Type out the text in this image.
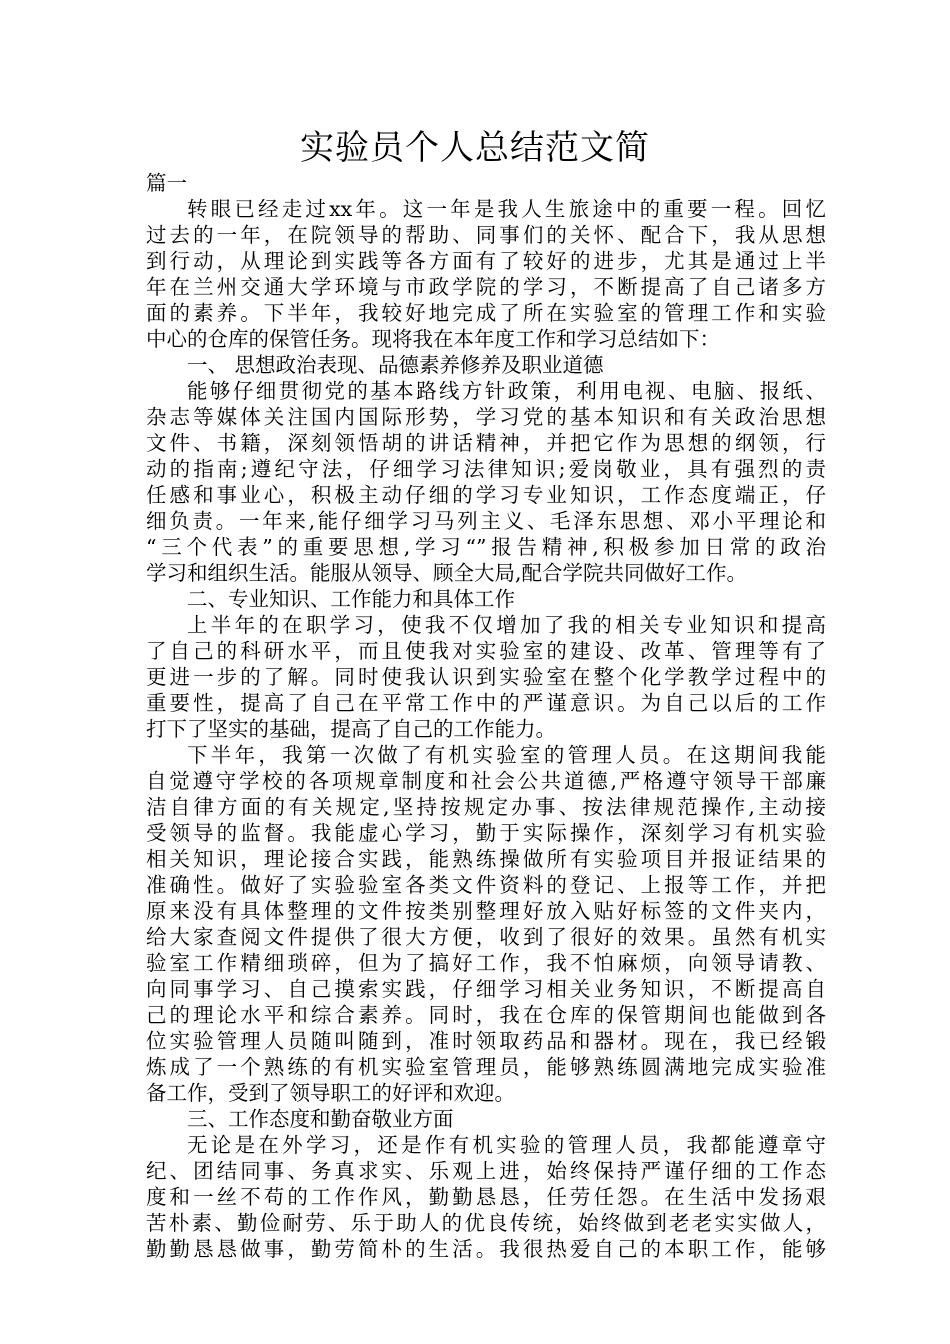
实验员个人总结范文简
篇一
转眼已经走过xx年。这一年是我人生旅途中的重要一程。回忆
过去的一年，在院领导的帮助、同事们的关怀、配合下，我从思想
到行动，从理论到实践等各方面有了较好的进步，尤其是通过上半
年在兰州交通大学环境与市政学院的学习，不断提高了自己诸多方
面的素养。下半年，我较好地完成了所在实验室的管理工作和实验
中心的仓库的保管任务。现将我在本年度工作和学习总结如下：
一、 思想政治表现、品德素养修养及职业道德
能够仔细贯彻党的基本路线方针政策，利用电视、电脑、报纸、
杂志等媒体关注国内国际形势，学习党的基本知识和有关政治思想
文件、书籍，深刻领悟胡的讲话精神，并把它作为思想的纲领，行
动的指南;遵纪守法，仔细学习法律知识;爱岗敬业，具有强烈的责
任感和事业心，积极主动仔细的学习专业知识，工作态度端正，仔
细负责。一年来,能仔细学习马列主义、毛泽东思想、邓小平理论和
“三个代表”的重要思想,学习“”报告精神,积极参加日常的政治
学习和组织生活。能服从领导、顾全大局,配合学院共同做好工作。
二、专业知识、工作能力和具体工作
上半年的在职学习，使我不仅增加了我的相关专业知识和提高
了自己的科研水平，而且使我对实验室的建设、改革、管理等有了
更进一步的了解。同时使我认识到实验室在整个化学教学过程中的
重要性，提高了自己在平常工作中的严谨意识。为自己以后的工作
打下了坚实的基础，提高了自己的工作能力。
下半年，我第一次做了有机实验室的管理人员。在这期间我能
自觉遵守学校的各项规章制度和社会公共道德,严格遵守领导干部廉
洁自律方面的有关规定,坚持按规定办事、按法律规范操作,主动接
受领导的监督。我能虚心学习，勤于实际操作，深刻学习有机实验
相关知识，理论接合实践，能熟练操做所有实验项目并报证结果的
准确性。做好了实验验室各类文件资料的登记、上报等工作，并把
原来没有具体整理的文件按类别整理好放入贴好标签的文件夹内，
给大家查阅文件提供了很大方便，收到了很好的效果。虽然有机实
验室工作精细琐碎，但为了搞好工作，我不怕麻烦，向领导请教、
向同事学习、自己摸索实践，仔细学习相关业务知识，不断提高自
己的理论水平和综合素养。同时，我在仓库的保管期间也能做到各
位实验管理人员随叫随到，准时领取药品和器材。现在，我已经锻
炼成了一个熟练的有机实验室管理员，能够熟练圆满地完成实验准
备工作，受到了领导职工的好评和欢迎。
三、工作态度和勤奋敬业方面
无论是在外学习，还是作有机实验的管理人员，我都能遵章守
纪、团结同事、务真求实、乐观上进，始终保持严谨仔细的工作态
度和一丝不苟的工作作风，勤勤恳恳，任劳任怨。在生活中发扬艰
苦朴素、勤俭耐劳、乐于助人的优良传统，始终做到老老实实做人，
勤勤恳恳做事，勤劳简朴的生活。我很热爱自己的本职工作，能够
